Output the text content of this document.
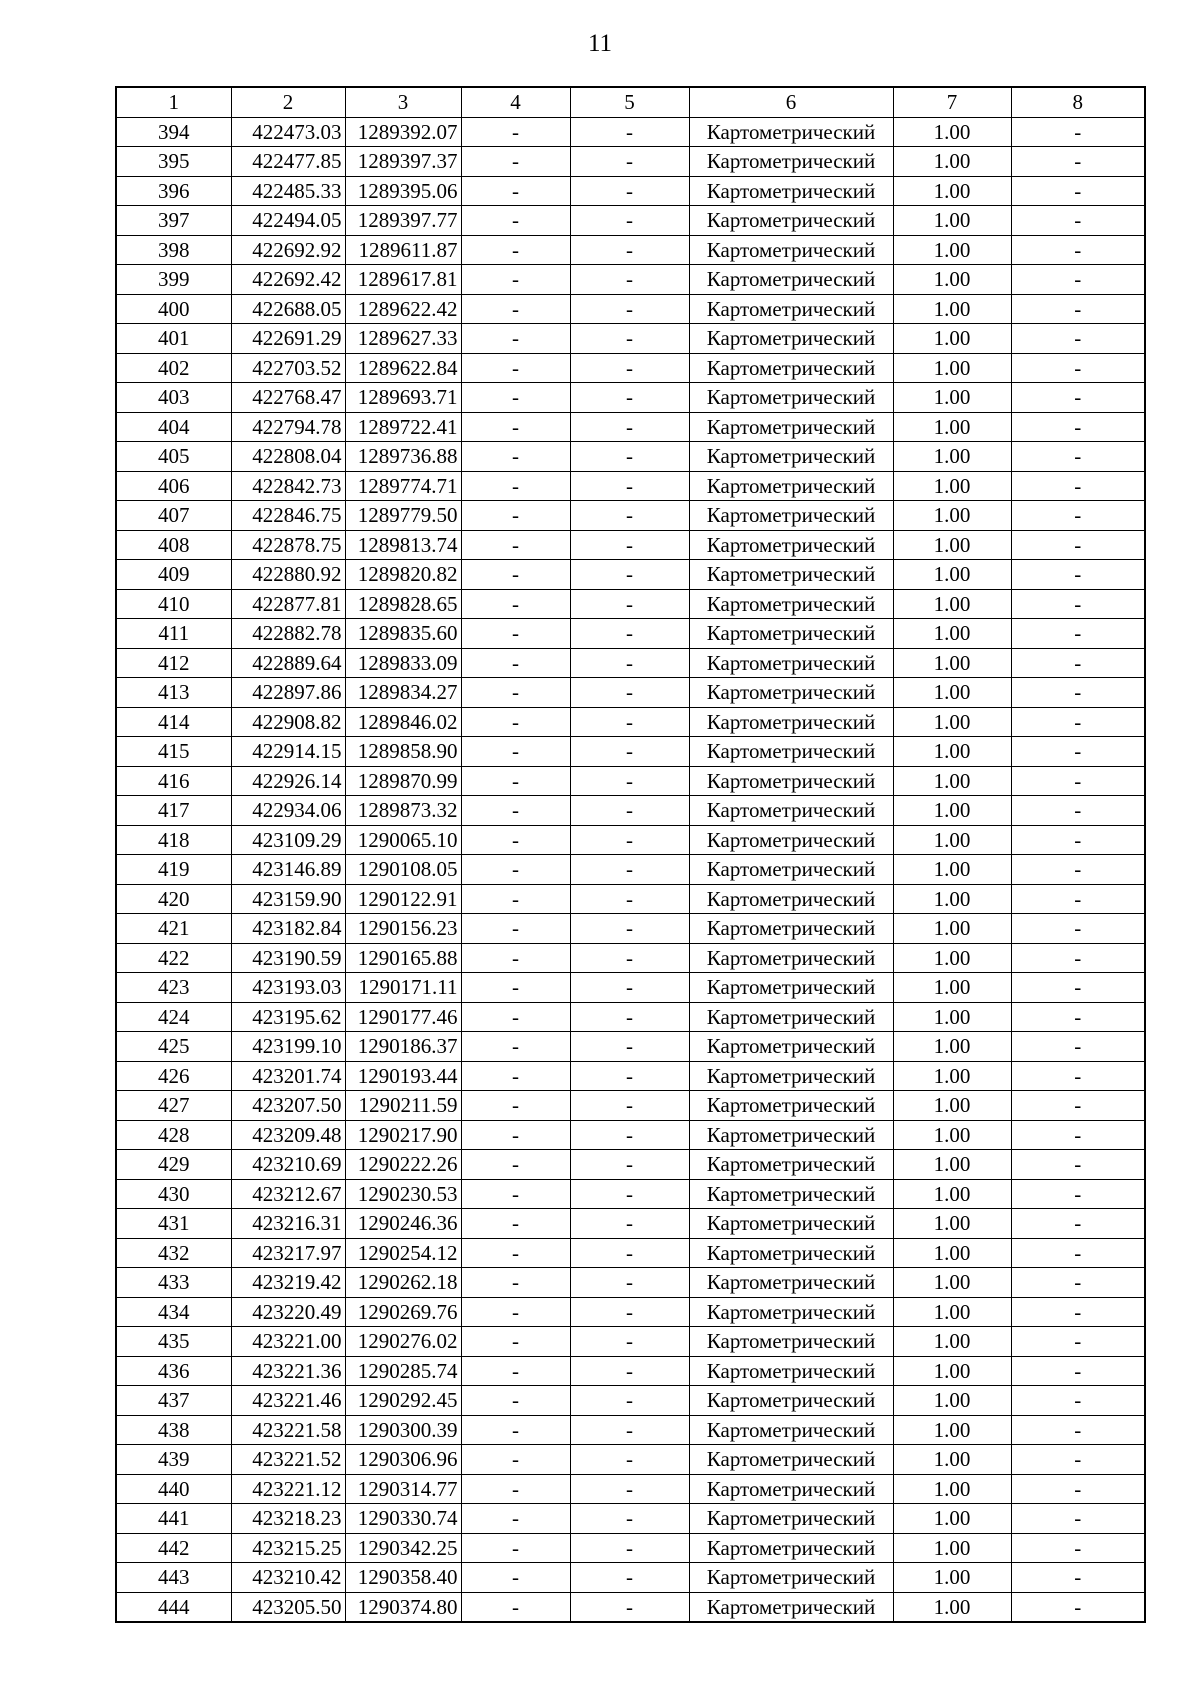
11
1	2	3	4	5	6	7	8
394	422473.03	1289392.07	-	-	Картометрический	1.00	-
395	422477.85	1289397.37	-	-	Картометрический	1.00	-
396	422485.33	1289395.06	-	-	Картометрический	1.00	-
397	422494.05	1289397.77	-	-	Картометрический	1.00	-
398	422692.92	1289611.87	-	-	Картометрический	1.00	-
399	422692.42	1289617.81	-	-	Картометрический	1.00	-
400	422688.05	1289622.42	-	-	Картометрический	1.00	-
401	422691.29	1289627.33	-	-	Картометрический	1.00	-
402	422703.52	1289622.84	-	-	Картометрический	1.00	-
403	422768.47	1289693.71	-	-	Картометрический	1.00	-
404	422794.78	1289722.41	-	-	Картометрический	1.00	-
405	422808.04	1289736.88	-	-	Картометрический	1.00	-
406	422842.73	1289774.71	-	-	Картометрический	1.00	-
407	422846.75	1289779.50	-	-	Картометрический	1.00	-
408	422878.75	1289813.74	-	-	Картометрический	1.00	-
409	422880.92	1289820.82	-	-	Картометрический	1.00	-
410	422877.81	1289828.65	-	-	Картометрический	1.00	-
411	422882.78	1289835.60	-	-	Картометрический	1.00	-
412	422889.64	1289833.09	-	-	Картометрический	1.00	-
413	422897.86	1289834.27	-	-	Картометрический	1.00	-
414	422908.82	1289846.02	-	-	Картометрический	1.00	-
415	422914.15	1289858.90	-	-	Картометрический	1.00	-
416	422926.14	1289870.99	-	-	Картометрический	1.00	-
417	422934.06	1289873.32	-	-	Картометрический	1.00	-
418	423109.29	1290065.10	-	-	Картометрический	1.00	-
419	423146.89	1290108.05	-	-	Картометрический	1.00	-
420	423159.90	1290122.91	-	-	Картометрический	1.00	-
421	423182.84	1290156.23	-	-	Картометрический	1.00	-
422	423190.59	1290165.88	-	-	Картометрический	1.00	-
423	423193.03	1290171.11	-	-	Картометрический	1.00	-
424	423195.62	1290177.46	-	-	Картометрический	1.00	-
425	423199.10	1290186.37	-	-	Картометрический	1.00	-
426	423201.74	1290193.44	-	-	Картометрический	1.00	-
427	423207.50	1290211.59	-	-	Картометрический	1.00	-
428	423209.48	1290217.90	-	-	Картометрический	1.00	-
429	423210.69	1290222.26	-	-	Картометрический	1.00	-
430	423212.67	1290230.53	-	-	Картометрический	1.00	-
431	423216.31	1290246.36	-	-	Картометрический	1.00	-
432	423217.97	1290254.12	-	-	Картометрический	1.00	-
433	423219.42	1290262.18	-	-	Картометрический	1.00	-
434	423220.49	1290269.76	-	-	Картометрический	1.00	-
435	423221.00	1290276.02	-	-	Картометрический	1.00	-
436	423221.36	1290285.74	-	-	Картометрический	1.00	-
437	423221.46	1290292.45	-	-	Картометрический	1.00	-
438	423221.58	1290300.39	-	-	Картометрический	1.00	-
439	423221.52	1290306.96	-	-	Картометрический	1.00	-
440	423221.12	1290314.77	-	-	Картометрический	1.00	-
441	423218.23	1290330.74	-	-	Картометрический	1.00	-
442	423215.25	1290342.25	-	-	Картометрический	1.00	-
443	423210.42	1290358.40	-	-	Картометрический	1.00	-
444	423205.50	1290374.80	-	-	Картометрический	1.00	-
